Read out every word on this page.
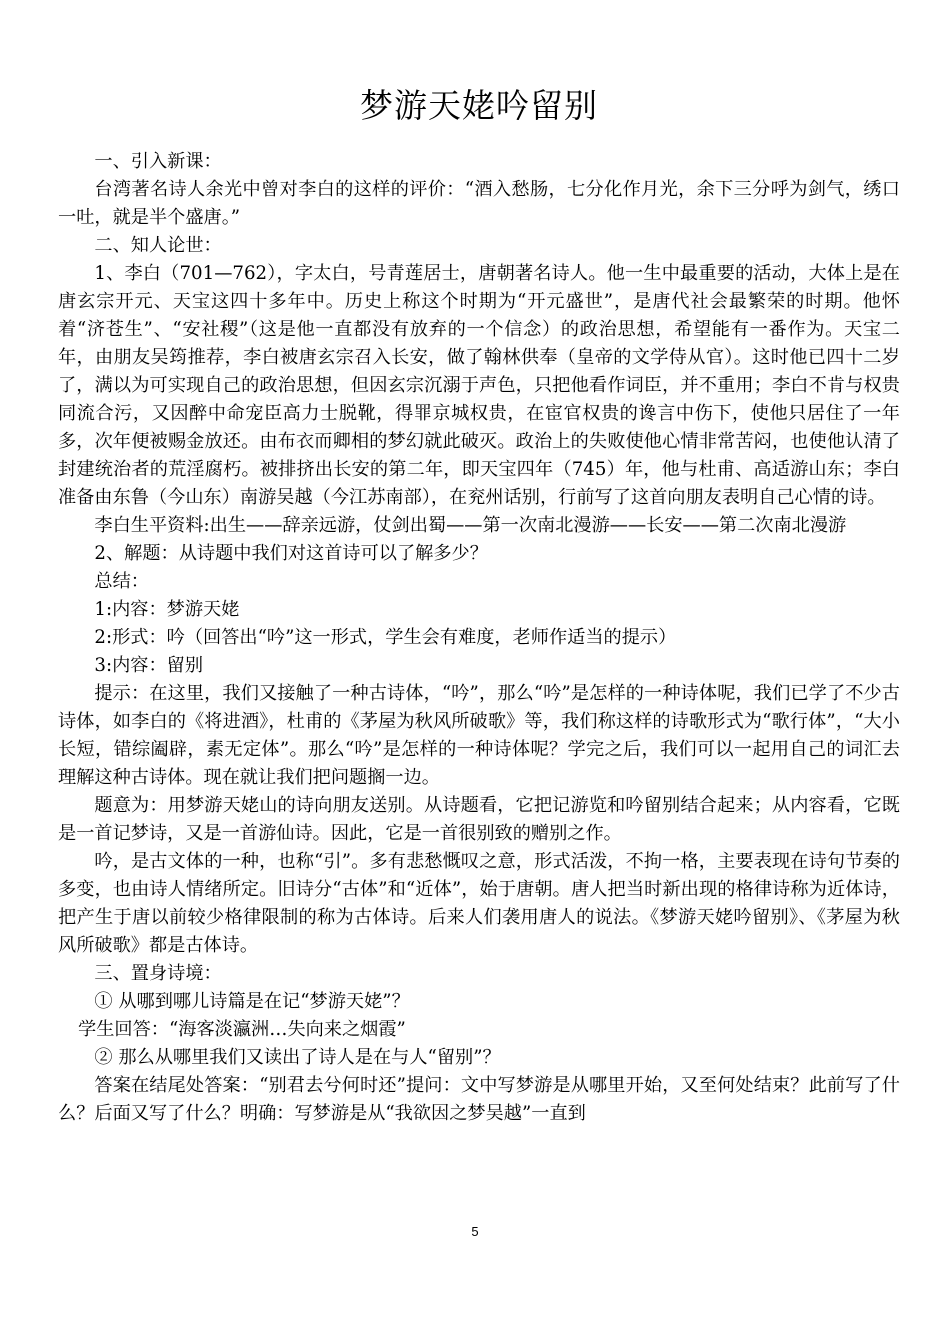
梦游天姥吟留别

一、引入新课：

台湾著名诗人余光中曾对李白的这样的评价：“酒入愁肠，七分化作月光，余下三分呼为剑气，绣口一吐，就是半个盛唐。”

二、知人论世：

1、李白（701—762），字太白，号青莲居士，唐朝著名诗人。他一生中最重要的活动，大体上是在唐玄宗开元、天宝这四十多年中。历史上称这个时期为“开元盛世”，是唐代社会最繁荣的时期。他怀着“济苍生”、“安社稷”（这是他一直都没有放弃的一个信念）的政治思想，希望能有一番作为。天宝二年，由朋友吴筠推荐，李白被唐玄宗召入长安，做了翰林供奉（皇帝的文学侍从官）。这时他已四十二岁了，满以为可实现自己的政治思想，但因玄宗沉溺于声色，只把他看作词臣，并不重用；李白不肯与权贵同流合污，又因醉中命宠臣高力士脱靴，得罪京城权贵，在宦官权贵的谗言中伤下，使他只居住了一年多，次年便被赐金放还。由布衣而卿相的梦幻就此破灭。政治上的失败使他心情非常苦闷，也使他认清了封建统治者的荒淫腐朽。被排挤出长安的第二年，即天宝四年（745）年，他与杜甫、高适游山东；李白准备由东鲁（今山东）南游吴越（今江苏南部），在兖州话别，行前写了这首向朋友表明自己心情的诗。

李白生平资料:出生——辞亲远游，仗剑出蜀——第一次南北漫游——长安——第二次南北漫游

2、解题：从诗题中我们对这首诗可以了解多少？

总结：

1:内容：梦游天姥

2:形式：吟（回答出“吟”这一形式，学生会有难度，老师作适当的提示）

3:内容：留别

提示：在这里，我们又接触了一种古诗体，“吟”，那么“吟”是怎样的一种诗体呢，我们已学了不少古诗体，如李白的《将进酒》，杜甫的《茅屋为秋风所破歌》等，我们称这样的诗歌形式为“歌行体”，“大小长短，错综阖辟，素无定体”。那么“吟”是怎样的一种诗体呢？学完之后，我们可以一起用自己的词汇去理解这种古诗体。现在就让我们把问题搁一边。

题意为：用梦游天姥山的诗向朋友送别。从诗题看，它把记游览和吟留别结合起来；从内容看，它既是一首记梦诗，又是一首游仙诗。因此，它是一首很别致的赠别之作。

吟，是古文体的一种，也称“引”。多有悲愁慨叹之意，形式活泼，不拘一格，主要表现在诗句节奏的多变，也由诗人情绪所定。旧诗分“古体”和“近体”，始于唐朝。唐人把当时新出现的格律诗称为近体诗，把产生于唐以前较少格律限制的称为古体诗。后来人们袭用唐人的说法。《梦游天姥吟留别》、《茅屋为秋风所破歌》都是古体诗。

三、置身诗境：

① 从哪到哪儿诗篇是在记“梦游天姥”？

学生回答：“海客淡瀛洲…失向来之烟霞”

② 那么从哪里我们又读出了诗人是在与人“留别”？

答案在结尾处答案：“别君去兮何时还”提问：文中写梦游是从哪里开始，又至何处结束？此前写了什么？后面又写了什么？明确：写梦游是从“我欲因之梦吴越”一直到

5
